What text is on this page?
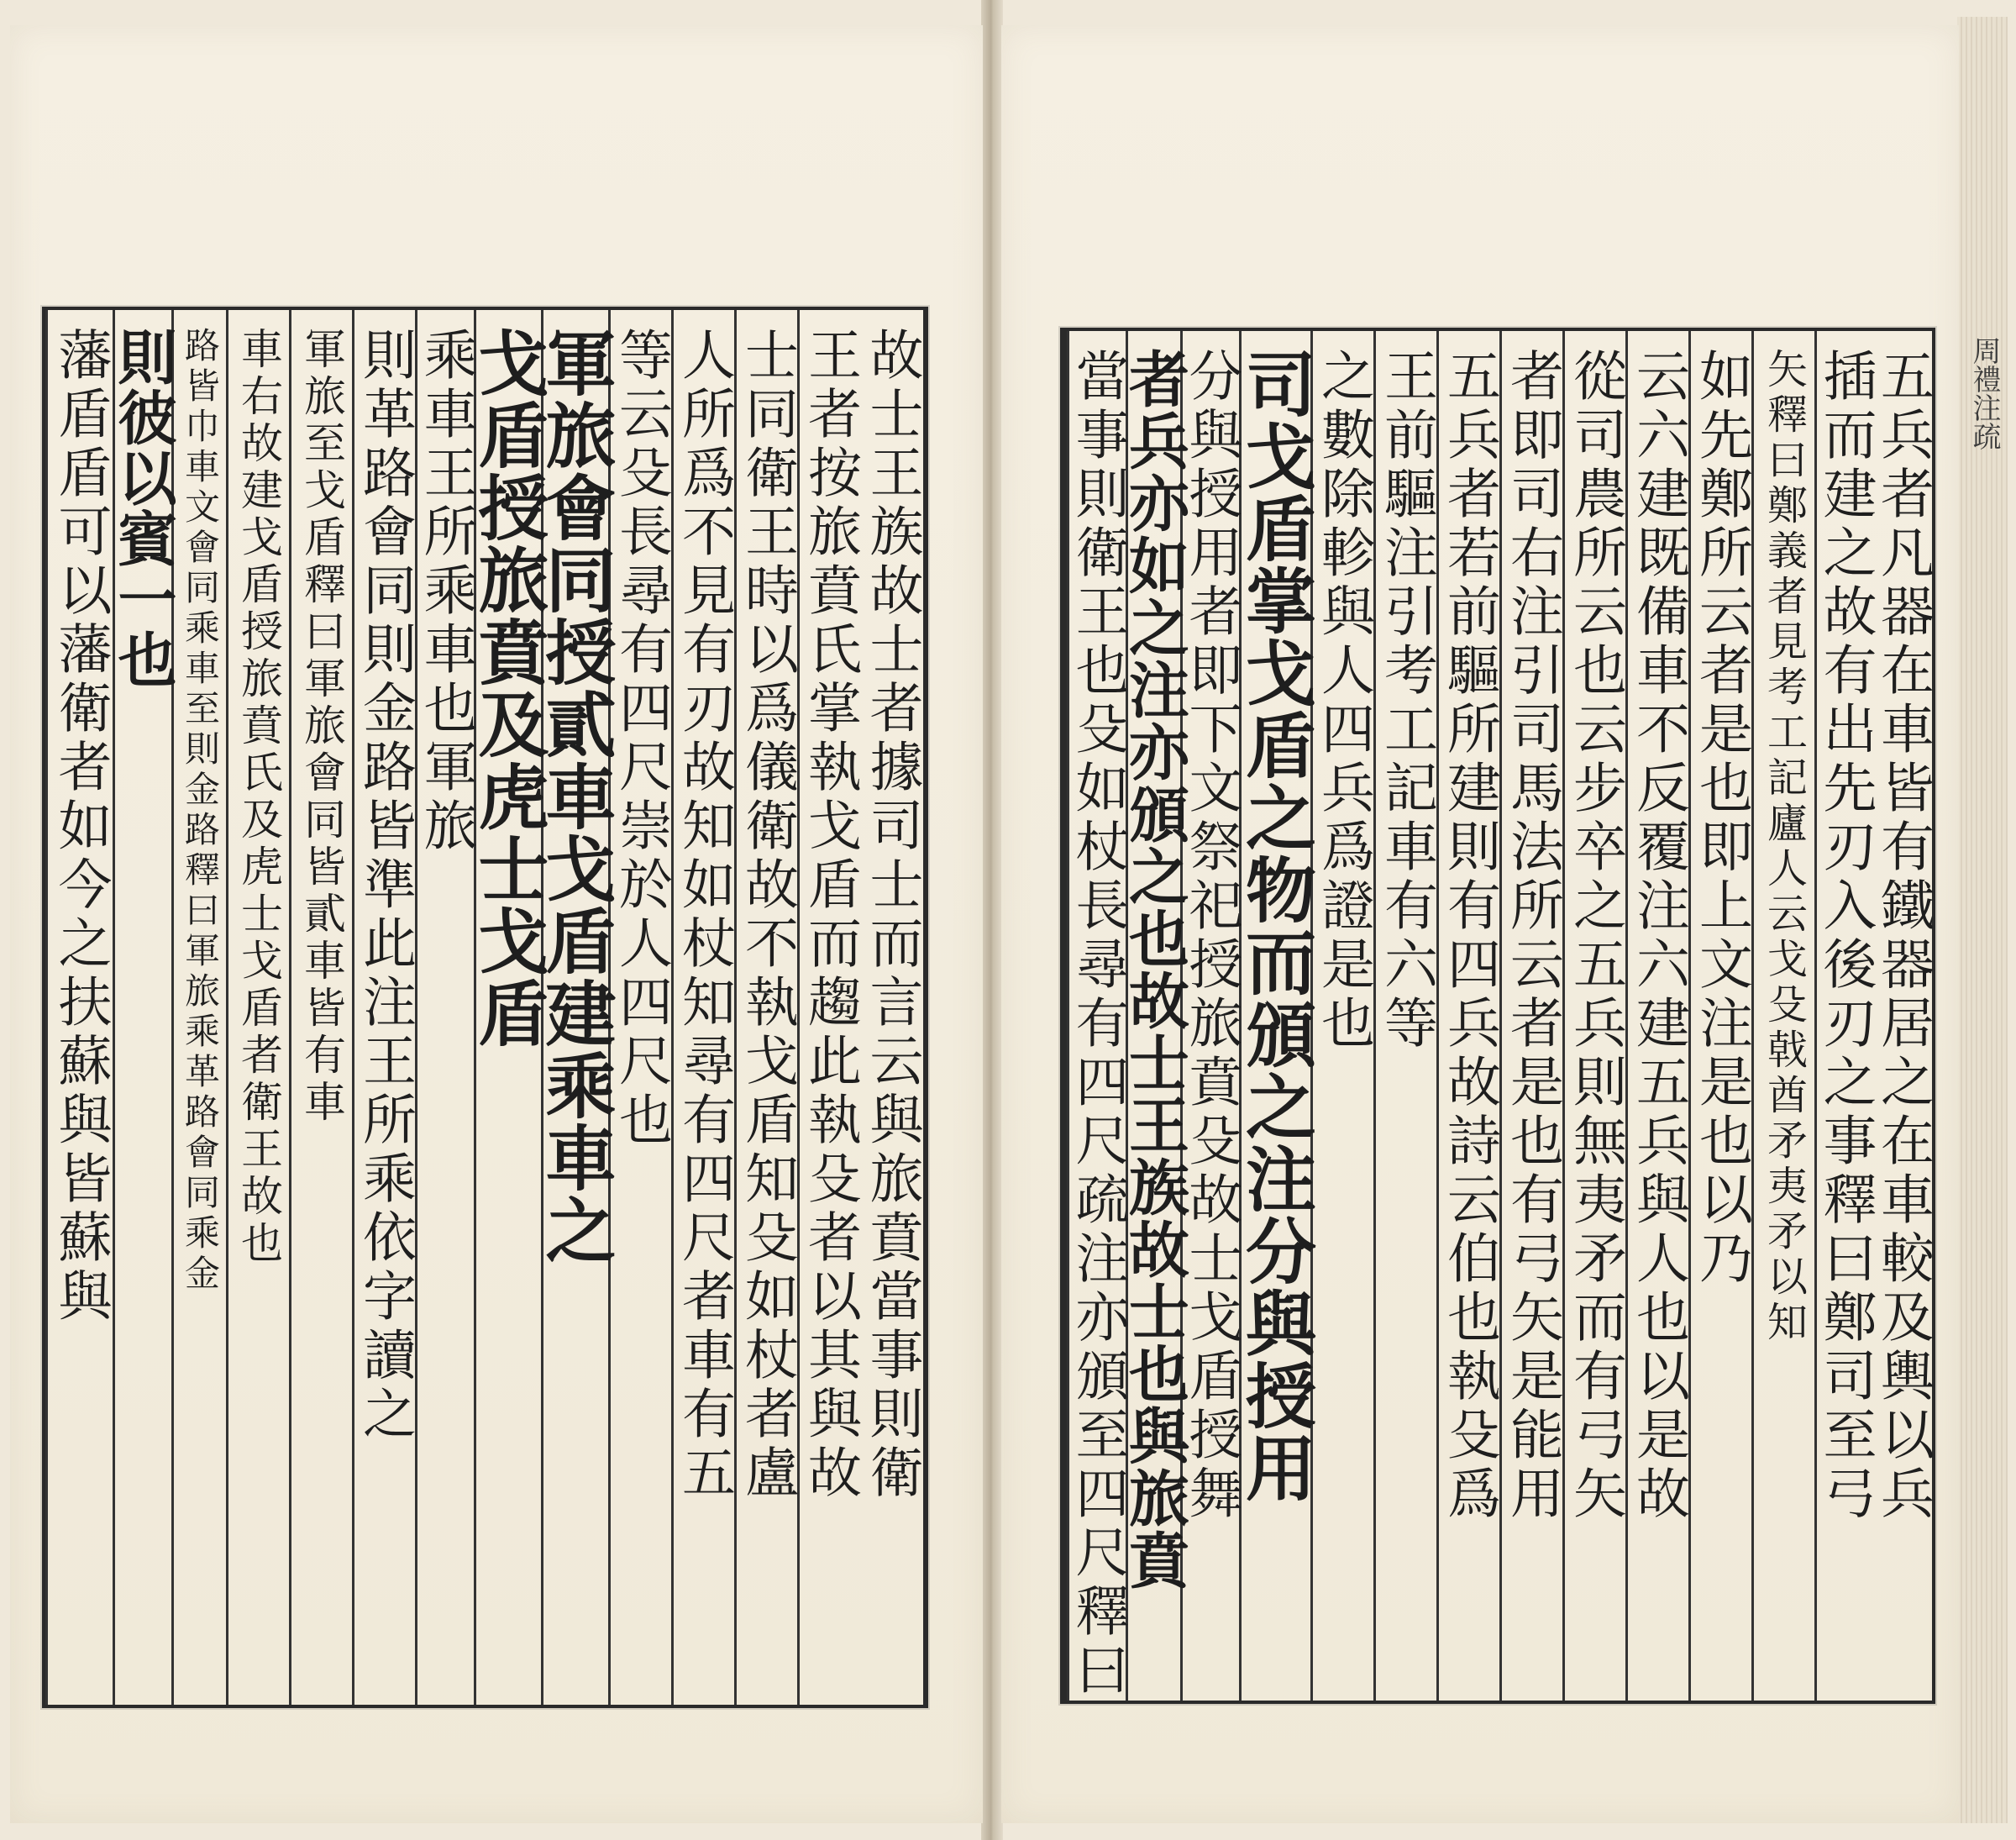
周禮注疏
故士王族故士者據司士而言云與旅賁當事則衛
王者按旅賁氏掌執戈盾而趨此執殳者以其與故
士同衛王時以爲儀衛故不執戈盾知殳如杖者盧
人所爲不見有刃故知如杖知尋有四尺者車有五
等云殳長尋有四尺崇於人四尺也
軍旅會同授貳車戈盾建乘車之
戈盾授旅賁及虎士戈盾
乘車王所乘車也軍旅
則革路會同則金路皆準此注王所乘依字讀之
軍旅至戈盾釋曰軍旅會同皆貳車皆有車
車右故建戈盾授旅賁氏及虎士戈盾者衛王故也
路皆巾車文會同乘車至則金路釋曰軍旅乘革路會同乘金
則彼以賓一也
藩盾盾可以藩衛者如今之扶蘇與皆蘇與	五兵者凡器在車皆有鐵器居之在車較及輿以兵
插而建之故有出先刃入後刃之事釋曰鄭司至弓
矢釋曰鄭義者見考工記廬人云戈殳戟酋矛夷矛以知
如先鄭所云者是也即上文注是也以乃
云六建既備車不反覆注六建五兵與人也以是故
從司農所云也云步卒之五兵則無夷矛而有弓矢
者即司右注引司馬法所云者是也有弓矢是能用
五兵者若前驅所建則有四兵故詩云伯也執殳爲
王前驅注引考工記車有六等
之數除軫與人四兵爲證是也
司戈盾掌戈盾之物而頒之注分與授用
分與授用者即下文祭祀授旅賁殳故士戈盾授舞
者兵亦如之注亦頒之也故士王族故士也與旅賁
當事則衛王也殳如杖長尋有四尺疏注亦頒至四尺釋曰
